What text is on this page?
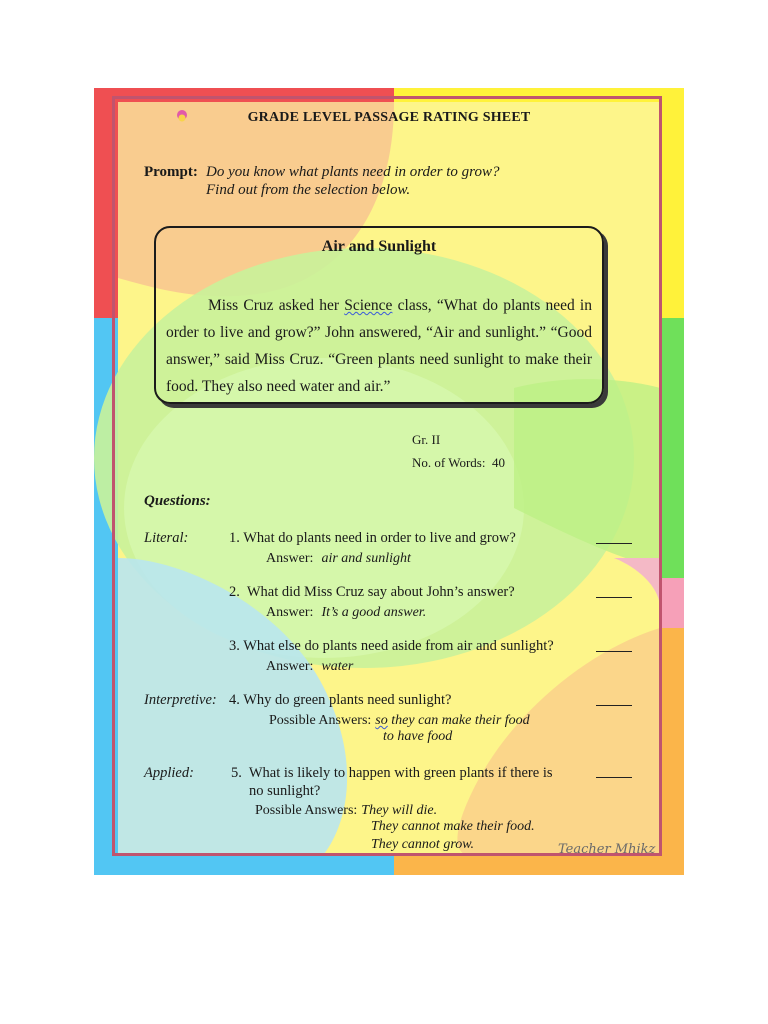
GRADE LEVEL PASSAGE RATING SHEET
Prompt: Do you know what plants need in order to grow?
Find out from the selection below.
Air and Sunlight
Miss Cruz asked her Science class, “What do plants need in order to live and grow?” John answered, “Air and sunlight.” “Good answer,” said Miss Cruz. “Green plants need sunlight to make their food. They also need water and air.”
Gr. II
No. of Words: 40
Questions:
Literal:	1. What do plants need in order to live and grow?
Answer: air and sunlight
2. What did Miss Cruz say about John’s answer?
Answer: It’s a good answer.
3. What else do plants need aside from air and sunlight?
Answer: water
Interpretive: 4. Why do green plants need sunlight?
Possible Answers: so they can make their food
to have food
Applied:	5. What is likely to happen with green plants if there is
no sunlight?
Possible Answers: They will die.
They cannot make their food.
They cannot grow.	Teacher Mhikz
